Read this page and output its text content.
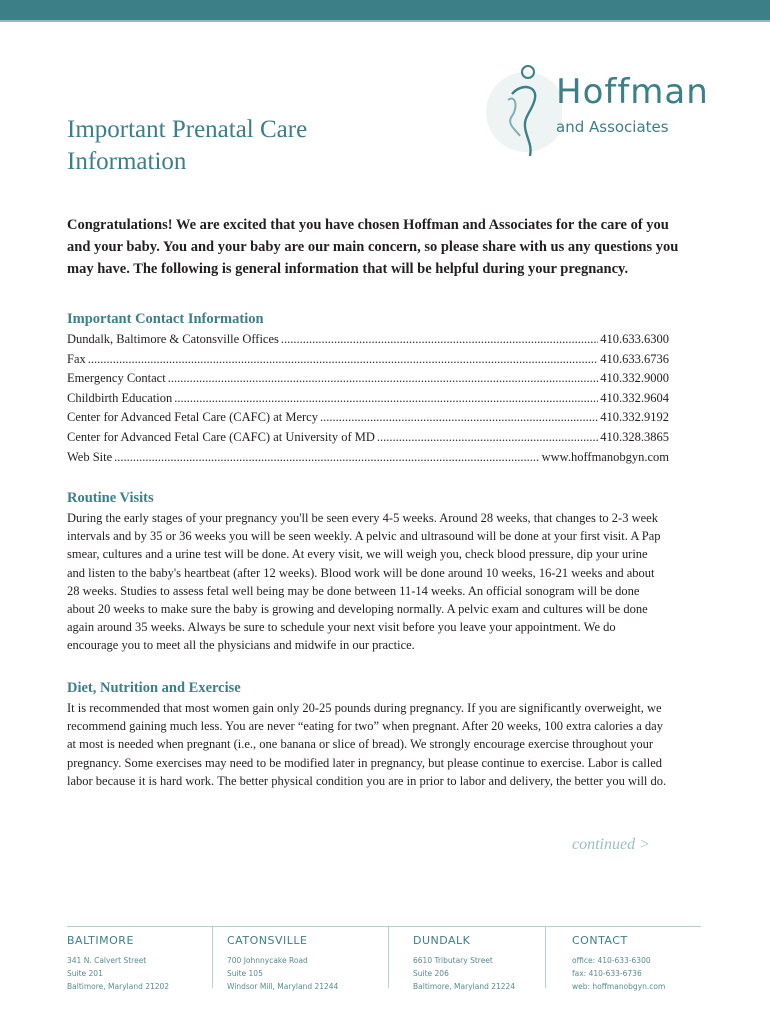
Hoffman
and Associates
Important Prenatal Care
Information

Congratulations! We are excited that you have chosen Hoffman and Associates for the care of you and your baby. You and your baby are our main concern, so please share with us any questions you may have. The following is general information that will be helpful during your pregnancy.

Important Contact Information
Dundalk, Baltimore & Catonsville Offices .....	410.633.6300
Fax .....	410.633.6736
Emergency Contact .....	410.332.9000
Childbirth Education .....	410.332.9604
Center for Advanced Fetal Care (CAFC) at Mercy .....	410.332.9192
Center for Advanced Fetal Care (CAFC) at University of MD .....	410.328.3865
Web Site .....	www.hoffmanobgyn.com
Routine Visits

During the early stages of your pregnancy you'll be seen every 4-5 weeks. Around 28 weeks, that changes to 2-3 week intervals and by 35 or 36 weeks you will be seen weekly. A pelvic and ultrasound will be done at your first visit. A Pap smear, cultures and a urine test will be done. At every visit, we will weigh you, check blood pressure, dip your urine and listen to the baby's heartbeat (after 12 weeks). Blood work will be done around 10 weeks, 16-21 weeks and about 28 weeks. Studies to assess fetal well being may be done between 11-14 weeks. An official sonogram will be done about 20 weeks to make sure the baby is growing and developing normally. A pelvic exam and cultures will be done again around 35 weeks. Always be sure to schedule your next visit before you leave your appointment. We do encourage you to meet all the physicians and midwife in our practice.

Diet, Nutrition and Exercise

It is recommended that most women gain only 20-25 pounds during pregnancy. If you are significantly overweight, we recommend gaining much less. You are never “eating for two” when pregnant. After 20 weeks, 100 extra calories a day at most is needed when pregnant (i.e., one banana or slice of bread). We strongly encourage exercise throughout your pregnancy. Some exercises may need to be modified later in pregnancy, but please continue to exercise. Labor is called labor because it is hard work. The better physical condition you are in prior to labor and delivery, the better you will do.

continued >
BALTIMORE
341 N. Calvert Street
Suite 201
Baltimore, Maryland 21202
CATONSVILLE
700 Johnnycake Road
Suite 105
Windsor Mill, Maryland 21244
DUNDALK
6610 Tributary Street
Suite 206
Baltimore, Maryland 21224
CONTACT
office: 410-633-6300
fax: 410-633-6736
web: hoffmanobgyn.com
